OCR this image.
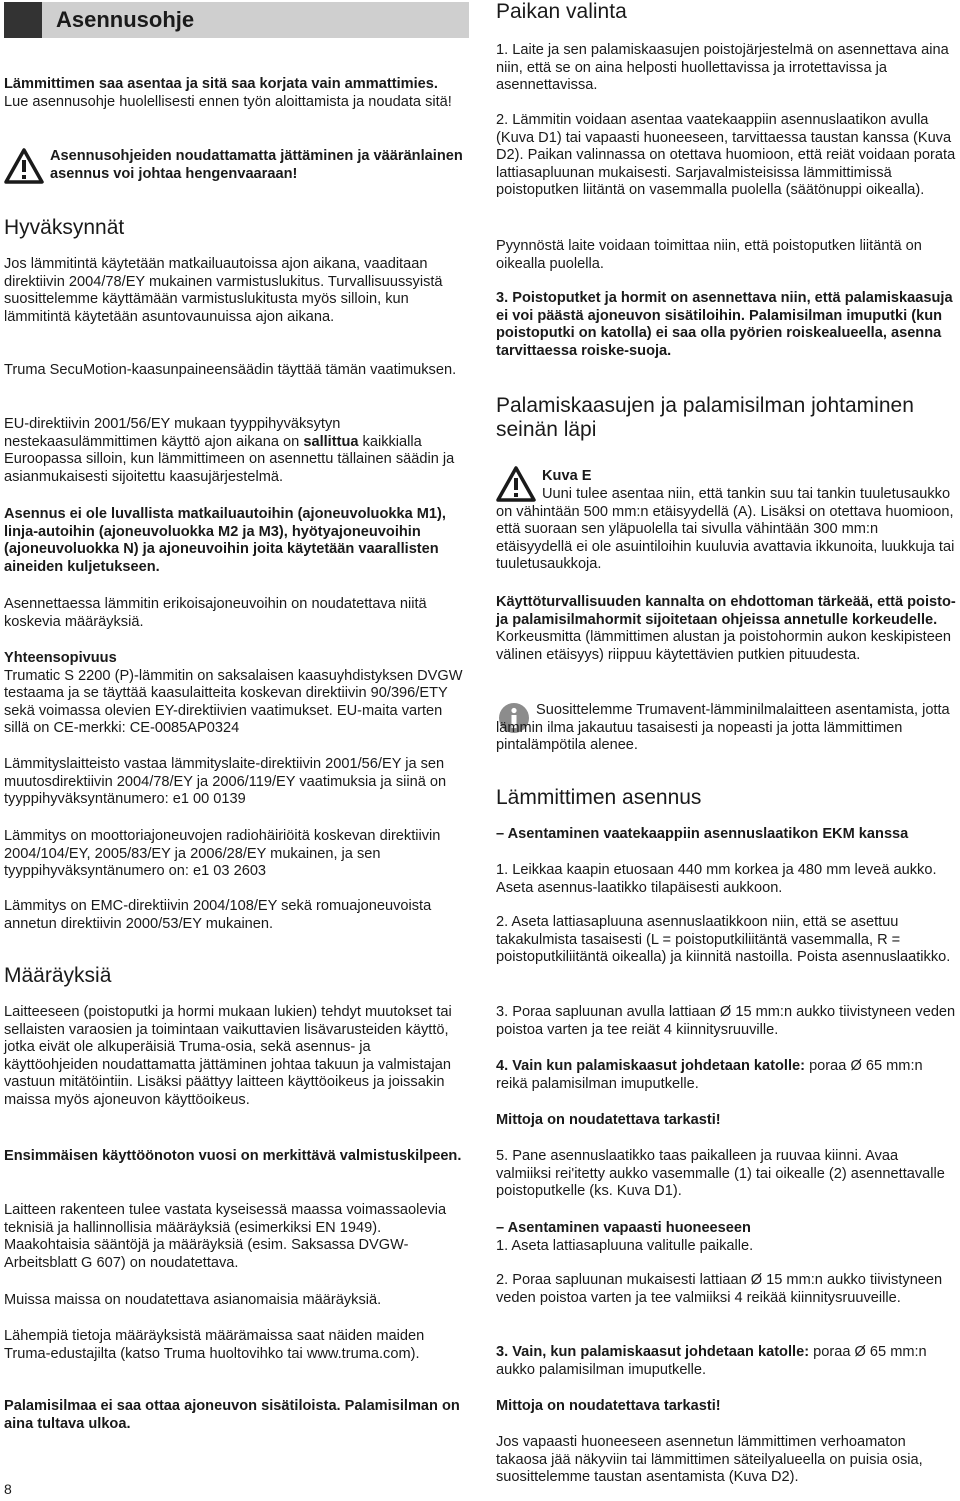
Asennusohje

Lämmittimen saa asentaa ja sitä saa korjata vain ammattimies. Lue asennusohje huolellisesti ennen työn aloittamista ja noudata sitä!

Asennusohjeiden noudattamatta jättäminen ja vääränlainen asennus voi johtaa hengenvaaraan!

Hyväksynnät

Jos lämmitintä käytetään matkailuautoissa ajon aikana, vaaditaan direktiivin 2004/78/EY mukainen varmistuslukitus. Turvallisuussyistä suosittelemme käyttämään varmistuslukitusta myös silloin, kun lämmitintä käytetään asuntovaunuissa ajon aikana.

Truma SecuMotion-kaasunpaineensäädin täyttää tämän vaatimuksen.

EU-direktiivin 2001/56/EY mukaan tyyppihyväksytyn nestekaasulämmittimen käyttö ajon aikana on sallittua kaikkialla Euroopassa silloin, kun lämmittimeen on asennettu tällainen säädin ja asianmukaisesti sijoitettu kaasujärjestelmä.

Asennus ei ole luvallista matkailuautoihin (ajoneuvoluokka M1), linja-autoihin (ajoneuvoluokka M2 ja M3), hyötyajoneuvoihin (ajoneuvoluokka N) ja ajoneuvoihin joita käytetään vaarallisten aineiden kuljetukseen.

Asennettaessa lämmitin erikoisajoneuvoihin on noudatettava niitä koskevia määräyksiä.

Yhteensopivuus

Trumatic S 2200 (P)-lämmitin on saksalaisen kaasuyhdistyksen DVGW testaama ja se täyttää kaasulaitteita koskevan direktiivin 90/396/ETY sekä voimassa olevien EY-direktiivien vaatimukset. EU-maita varten sillä on CE-merkki: CE-0085AP0324

Lämmityslaitteisto vastaa lämmityslaite-direktiivin 2001/56/EY ja sen muutosdirektiivin 2004/78/EY ja 2006/119/EY vaatimuksia ja siinä on tyyppihyväksyntänumero: e1 00 0139

Lämmitys on moottoriajoneuvojen radiohäiriöitä koskevan direktiivin 2004/104/EY, 2005/83/EY ja 2006/28/EY mukainen, ja sen tyyppihyväksyntänumero on: e1 03 2603

Lämmitys on EMC-direktiivin 2004/108/EY sekä romuajoneuvoista annetun direktiivin 2000/53/EY mukainen.

Määräyksiä

Laitteeseen (poistoputki ja hormi mukaan lukien) tehdyt muutokset tai sellaisten varaosien ja toimintaan vaikuttavien lisävarusteiden käyttö, jotka eivät ole alkuperäisiä Truma-osia, sekä asennus- ja käyttöohjeiden noudattamatta jättäminen johtaa takuun ja valmistajan vastuun mitätöintiin. Lisäksi päättyy laitteen käyttöoikeus ja joissakin maissa myös ajoneuvon käyttöoikeus.

Ensimmäisen käyttöönoton vuosi on merkittävä valmistuskilpeen.

Laitteen rakenteen tulee vastata kyseisessä maassa voimassaolevia teknisiä ja hallinnollisia määräyksiä (esimerkiksi EN 1949). Maakohtaisia sääntöjä ja määräyksiä (esim. Saksassa DVGW-Arbeitsblatt G 607) on noudatettava.

Muissa maissa on noudatettava asianomaisia määräyksiä.

Lähempiä tietoja määräyksistä määrämaissa saat näiden maiden Truma-edustajilta (katso Truma huoltovihko tai www.truma.com).

Palamisilmaa ei saa ottaa ajoneuvon sisätiloista. Palamisilman on aina tultava ulkoa.

8
Paikan valinta

1. Laite ja sen palamiskaasujen poistojärjestelmä on asennettava aina niin, että se on aina helposti huollettavissa ja irrotettavissa ja asennettavissa.

2. Lämmitin voidaan asentaa vaatekaappiin asennuslaatikon avulla (Kuva D1) tai vapaasti huoneeseen, tarvittaessa taustan kanssa (Kuva D2). Paikan valinnassa on otettava huomioon, että reiät voidaan porata lattiasapluunan mukaisesti. Sarjavalmisteisissa lämmittimissä poistoputken liitäntä on vasemmalla puolella (säätönuppi oikealla).

Pyynnöstä laite voidaan toimittaa niin, että poistoputken liitäntä on oikealla puolella.

3. Poistoputket ja hormit on asennettava niin, että palamiskaasuja ei voi päästä ajoneuvon sisätiloihin. Palamisilman imuputki (kun poistoputki on katolla) ei saa olla pyörien roiskealueella, asenna tarvittaessa roiske-suoja.

Palamiskaasujen ja palamisilman johtaminen seinän läpi

Kuva E

Uuni tulee asentaa niin, että tankin suu tai tankin tuuletusaukko on vähintään 500 mm:n etäisyydellä (A). Lisäksi on otettava huomioon, että suoraan sen yläpuolella tai sivulla vähintään 300 mm:n etäisyydellä ei ole asuintiloihin kuuluvia avattavia ikkunoita, luukkuja tai tuuletusaukkoja.

Käyttöturvallisuuden kannalta on ehdottoman tärkeää, että poisto- ja palamisilmahormit sijoitetaan ohjeissa annetulle korkeudelle. Korkeusmitta (lämmittimen alustan ja poistohormin aukon keskipisteen välinen etäisyys) riippuu käytettävien putkien pituudesta.

Suosittelemme Trumavent-lämminilmalaitteen asentamista, jotta lämmin ilma jakautuu tasaisesti ja nopeasti ja jotta lämmittimen pintalämpötila alenee.

Lämmittimen asennus

– Asentaminen vaatekaappiin asennuslaatikon EKM kanssa

1. Leikkaa kaapin etuosaan 440 mm korkea ja 480 mm leveä aukko. Aseta asennus-laatikko tilapäisesti aukkoon.

2. Aseta lattiasapluuna asennuslaatikkoon niin, että se asettuu takakulmista tasaisesti (L = poistoputkiliitäntä vasemmalla, R = poistoputkiliitäntä oikealla) ja kiinnitä nastoilla. Poista asennuslaatikko.

3. Poraa sapluunan avulla lattiaan Ø 15 mm:n aukko tiivistyneen veden poistoa varten ja tee reiät 4 kiinnitysruuville.

4. Vain kun palamiskaasut johdetaan katolle: poraa Ø 65 mm:n reikä palamisilman imuputkelle.

Mittoja on noudatettava tarkasti!

5. Pane asennuslaatikko taas paikalleen ja ruuvaa kiinni. Avaa valmiiksi rei'itetty aukko vasemmalle (1) tai oikealle (2) asennettavalle poistoputkelle (ks. Kuva D1).

– Asentaminen vapaasti huoneeseen

1. Aseta lattiasapluuna valitulle paikalle.

2. Poraa sapluunan mukaisesti lattiaan Ø 15 mm:n aukko tiivistyneen veden poistoa varten ja tee valmiiksi 4 reikää kiinnitysruuveille.

3. Vain, kun palamiskaasut johdetaan katolle: poraa Ø 65 mm:n aukko palamisilman imuputkelle.

Mittoja on noudatettava tarkasti!

Jos vapaasti huoneeseen asennetun lämmittimen verhoamaton takaosa jää näkyviin tai lämmittimen säteilyalueella on puisia osia, suosittelemme taustan asentamista (Kuva D2).
